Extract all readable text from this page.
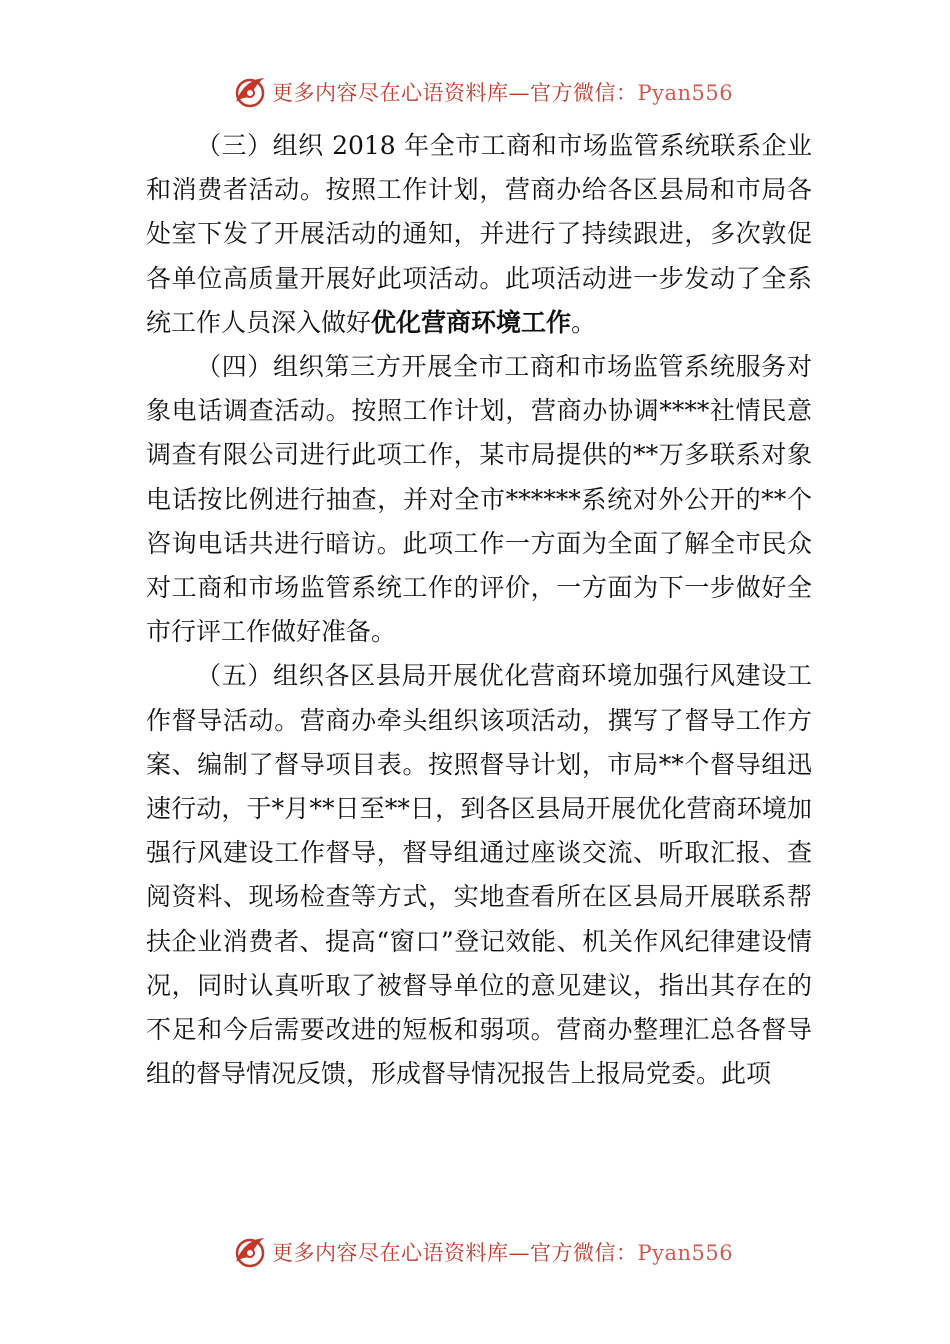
更多内容尽在心语资料库—官方微信：Pyan556

（三）组织 2018 年全市工商和市场监管系统联系企业和消费者活动。按照工作计划，营商办给各区县局和市局各处室下发了开展活动的通知，并进行了持续跟进，多次敦促各单位高质量开展好此项活动。此项活动进一步发动了全系统工作人员深入做好优化营商环境工作。

（四）组织第三方开展全市工商和市场监管系统服务对象电话调查活动。按照工作计划，营商办协调****社情民意调查有限公司进行此项工作，某市局提供的**万多联系对象电话按比例进行抽查，并对全市******系统对外公开的**个咨询电话共进行暗访。此项工作一方面为全面了解全市民众对工商和市场监管系统工作的评价，一方面为下一步做好全市行评工作做好准备。

（五）组织各区县局开展优化营商环境加强行风建设工作督导活动。营商办牵头组织该项活动，撰写了督导工作方案、编制了督导项目表。按照督导计划，市局**个督导组迅速行动，于*月**日至**日，到各区县局开展优化营商环境加强行风建设工作督导，督导组通过座谈交流、听取汇报、查阅资料、现场检查等方式，实地查看所在区县局开展联系帮扶企业消费者、提高“窗口”登记效能、机关作风纪律建设情况，同时认真听取了被督导单位的意见建议，指出其存在的不足和今后需要改进的短板和弱项。营商办整理汇总各督导组的督导情况反馈，形成督导情况报告上报局党委。此项

更多内容尽在心语资料库—官方微信：Pyan556
